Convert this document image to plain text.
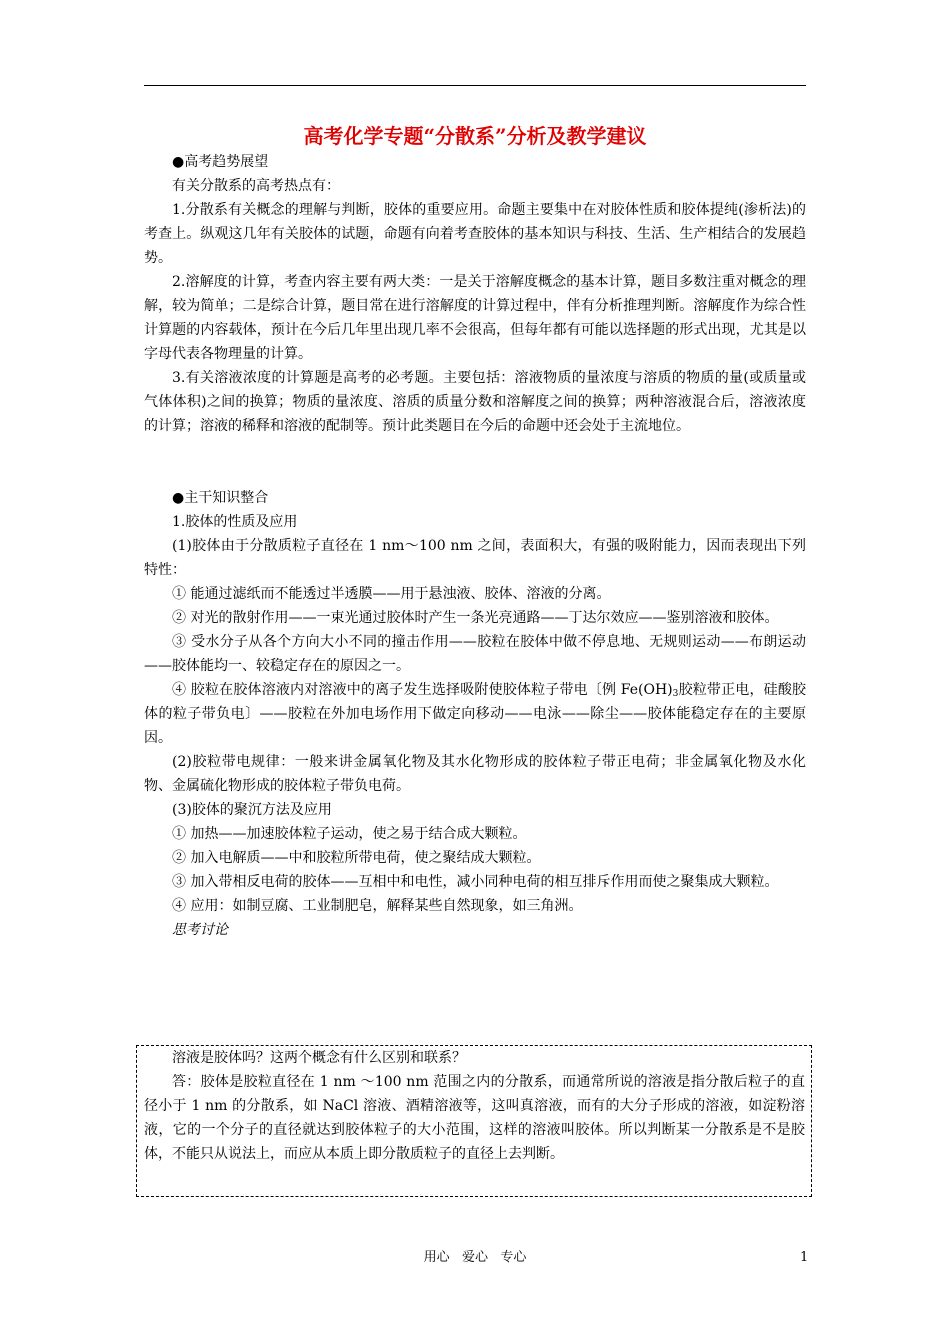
高考化学专题“分散系”分析及教学建议

●高考趋势展望

有关分散系的高考热点有：

1.分散系有关概念的理解与判断，胶体的重要应用。命题主要集中在对胶体性质和胶体提纯(渗析法)的考查上。纵观这几年有关胶体的试题，命题有向着考查胶体的基本知识与科技、生活、生产相结合的发展趋势。

2.溶解度的计算，考查内容主要有两大类：一是关于溶解度概念的基本计算，题目多数注重对概念的理解，较为简单；二是综合计算，题目常在进行溶解度的计算过程中，伴有分析推理判断。溶解度作为综合性计算题的内容载体，预计在今后几年里出现几率不会很高，但每年都有可能以选择题的形式出现，尤其是以字母代表各物理量的计算。

3.有关溶液浓度的计算题是高考的必考题。主要包括：溶液物质的量浓度与溶质的物质的量(或质量或气体体积)之间的换算；物质的量浓度、溶质的质量分数和溶解度之间的换算；两种溶液混合后，溶液浓度的计算；溶液的稀释和溶液的配制等。预计此类题目在今后的命题中还会处于主流地位。

●主干知识整合

1.胶体的性质及应用

(1)胶体由于分散质粒子直径在 1 nm～100 nm 之间，表面积大，有强的吸附能力，因而表现出下列特性：

① 能通过滤纸而不能透过半透膜——用于悬浊液、胶体、溶液的分离。

② 对光的散射作用——一束光通过胶体时产生一条光亮通路——丁达尔效应——鉴别溶液和胶体。

③ 受水分子从各个方向大小不同的撞击作用——胶粒在胶体中做不停息地、无规则运动——布朗运动——胶体能均一、较稳定存在的原因之一。

④ 胶粒在胶体溶液内对溶液中的离子发生选择吸附使胶体粒子带电〔例 $Fe(OH)_3$胶粒带正电，硅酸胶体的粒子带负电〕——胶粒在外加电场作用下做定向移动——电泳——除尘——胶体能稳定存在的主要原因。

(2)胶粒带电规律：一般来讲金属氧化物及其水化物形成的胶体粒子带正电荷；非金属氧化物及水化物、金属硫化物形成的胶体粒子带负电荷。

(3)胶体的聚沉方法及应用

① 加热——加速胶体粒子运动，使之易于结合成大颗粒。

② 加入电解质——中和胶粒所带电荷，使之聚结成大颗粒。

③ 加入带相反电荷的胶体——互相中和电性，减小同种电荷的相互排斥作用而使之聚集成大颗粒。

④ 应用：如制豆腐、工业制肥皂，解释某些自然现象，如三角洲。

思考讨论

溶液是胶体吗？这两个概念有什么区别和联系？

答：胶体是胶粒直径在 1 nm ～100 nm 范围之内的分散系，而通常所说的溶液是指分散后粒子的直径小于 1 nm 的分散系，如 NaCl 溶液、酒精溶液等，这叫真溶液，而有的大分子形成的溶液，如淀粉溶液，它的一个分子的直径就达到胶体粒子的大小范围，这样的溶液叫胶体。所以判断某一分散系是不是胶体，不能只从说法上，而应从本质上即分散质粒子的直径上去判断。

用心   爱心   专心	1
